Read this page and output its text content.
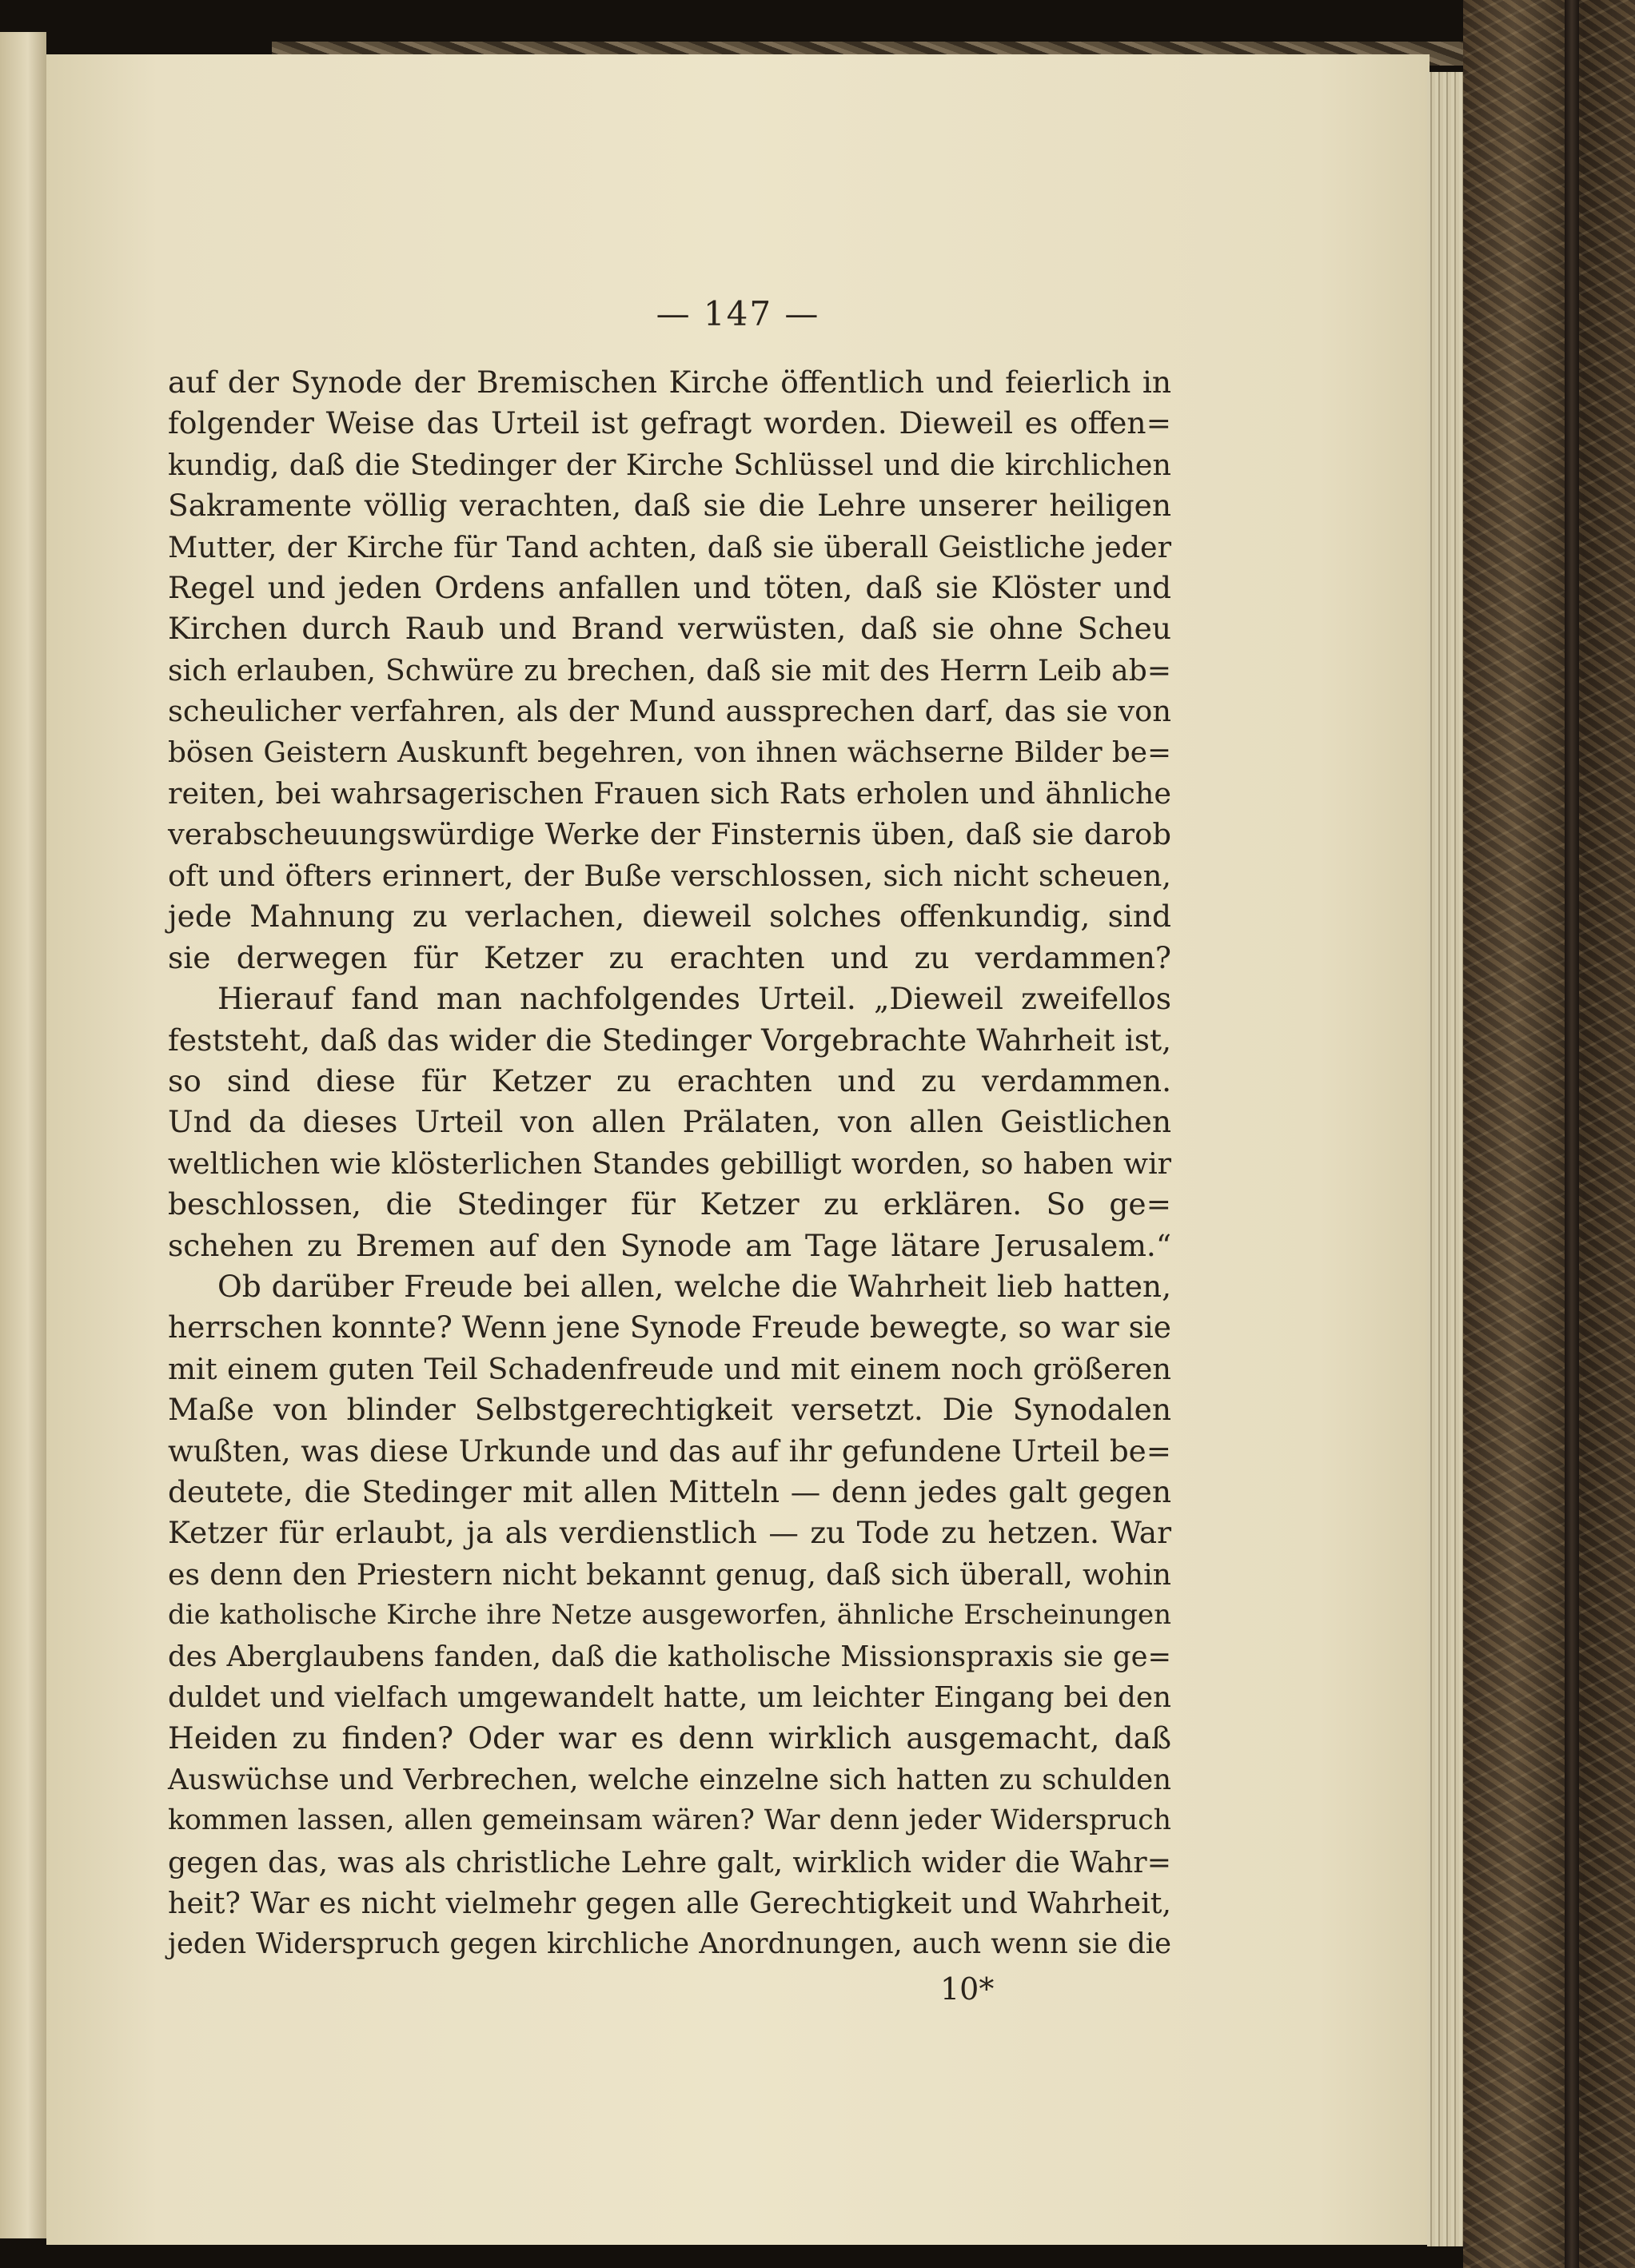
— 147 —
auf der Synode der Bremischen Kirche öffentlich und feierlich in
folgender Weise das Urteil ist gefragt worden. Dieweil es offen=
kundig, daß die Stedinger der Kirche Schlüssel und die kirchlichen
Sakramente völlig verachten, daß sie die Lehre unserer heiligen
Mutter, der Kirche für Tand achten, daß sie überall Geistliche jeder
Regel und jeden Ordens anfallen und töten, daß sie Klöster und
Kirchen durch Raub und Brand verwüsten, daß sie ohne Scheu
sich erlauben, Schwüre zu brechen, daß sie mit des Herrn Leib ab=
scheulicher verfahren, als der Mund aussprechen darf, das sie von
bösen Geistern Auskunft begehren, von ihnen wächserne Bilder be=
reiten, bei wahrsagerischen Frauen sich Rats erholen und ähnliche
verabscheuungswürdige Werke der Finsternis üben, daß sie darob
oft und öfters erinnert, der Buße verschlossen, sich nicht scheuen,
jede Mahnung zu verlachen, dieweil solches offenkundig, sind
sie derwegen für Ketzer zu erachten und zu verdammen?
Hierauf fand man nachfolgendes Urteil. „Dieweil zweifellos
feststeht, daß das wider die Stedinger Vorgebrachte Wahrheit ist,
so sind diese für Ketzer zu erachten und zu verdammen.
Und da dieses Urteil von allen Prälaten, von allen Geistlichen
weltlichen wie klösterlichen Standes gebilligt worden, so haben wir
beschlossen, die Stedinger für Ketzer zu erklären. So ge=
schehen zu Bremen auf den Synode am Tage lätare Jerusalem.“
Ob darüber Freude bei allen, welche die Wahrheit lieb hatten,
herrschen konnte? Wenn jene Synode Freude bewegte, so war sie
mit einem guten Teil Schadenfreude und mit einem noch größeren
Maße von blinder Selbstgerechtigkeit versetzt. Die Synodalen
wußten, was diese Urkunde und das auf ihr gefundene Urteil be=
deutete, die Stedinger mit allen Mitteln — denn jedes galt gegen
Ketzer für erlaubt, ja als verdienstlich — zu Tode zu hetzen. War
es denn den Priestern nicht bekannt genug, daß sich überall, wohin
die katholische Kirche ihre Netze ausgeworfen, ähnliche Erscheinungen
des Aberglaubens fanden, daß die katholische Missionspraxis sie ge=
duldet und vielfach umgewandelt hatte, um leichter Eingang bei den
Heiden zu finden? Oder war es denn wirklich ausgemacht, daß
Auswüchse und Verbrechen, welche einzelne sich hatten zu schulden
kommen lassen, allen gemeinsam wären? War denn jeder Widerspruch
gegen das, was als christliche Lehre galt, wirklich wider die Wahr=
heit? War es nicht vielmehr gegen alle Gerechtigkeit und Wahrheit,
jeden Widerspruch gegen kirchliche Anordnungen, auch wenn sie die
10*
